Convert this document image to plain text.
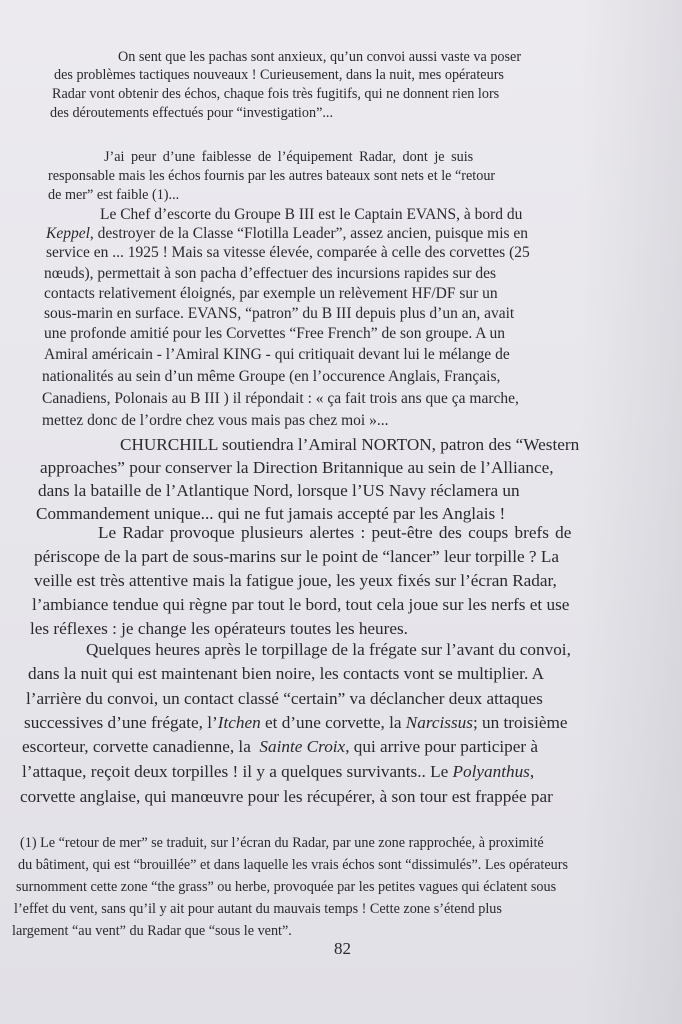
On sent que les pachas sont anxieux, qu’un convoi aussi vaste va poser
des problèmes tactiques nouveaux ! Curieusement, dans la nuit, mes opérateurs
Radar vont obtenir des échos, chaque fois très fugitifs, qui ne donnent rien lors
des déroutements effectués pour “investigation”...
J’ai peur d’une faiblesse de l’équipement Radar, dont je suis
responsable mais les échos fournis par les autres bateaux sont nets et le “retour
de mer” est faible (1)...
Le Chef d’escorte du Groupe B III est le Captain EVANS, à bord du
Keppel, destroyer de la Classe “Flotilla Leader”, assez ancien, puisque mis en
service en ... 1925 ! Mais sa vitesse élevée, comparée à celle des corvettes (25
nœuds), permettait à son pacha d’effectuer des incursions rapides sur des
contacts relativement éloignés, par exemple un relèvement HF/DF sur un
sous-marin en surface. EVANS, “patron” du B III depuis plus d’un an, avait
une profonde amitié pour les Corvettes “Free French” de son groupe. A un
Amiral américain - l’Amiral KING - qui critiquait devant lui le mélange de
nationalités au sein d’un même Groupe (en l’occurence Anglais, Français,
Canadiens, Polonais au B III ) il répondait : « ça fait trois ans que ça marche,
mettez donc de l’ordre chez vous mais pas chez moi »...
CHURCHILL soutiendra l’Amiral NORTON, patron des “Western
approaches” pour conserver la Direction Britannique au sein de l’Alliance,
dans la bataille de l’Atlantique Nord, lorsque l’US Navy réclamera un
Commandement unique... qui ne fut jamais accepté par les Anglais !
Le Radar provoque plusieurs alertes : peut-être des coups brefs de
périscope de la part de sous-marins sur le point de “lancer” leur torpille ? La
veille est très attentive mais la fatigue joue, les yeux fixés sur l’écran Radar,
l’ambiance tendue qui règne par tout le bord, tout cela joue sur les nerfs et use
les réflexes : je change les opérateurs toutes les heures.
Quelques heures après le torpillage de la frégate sur l’avant du convoi,
dans la nuit qui est maintenant bien noire, les contacts vont se multiplier. A
l’arrière du convoi, un contact classé “certain” va déclancher deux attaques
successives d’une frégate, l’Itchen et d’une corvette, la Narcissus; un troisième
escorteur, corvette canadienne, la  Sainte Croix, qui arrive pour participer à
l’attaque, reçoit deux torpilles ! il y a quelques survivants.. Le Polyanthus,
corvette anglaise, qui manœuvre pour les récupérer, à son tour est frappée par
(1) Le “retour de mer” se traduit, sur l’écran du Radar, par une zone rapprochée, à proximité
du bâtiment, qui est “brouillée” et dans laquelle les vrais échos sont “dissimulés”. Les opérateurs
surnomment cette zone “the grass” ou herbe, provoquée par les petites vagues qui éclatent sous
l’effet du vent, sans qu’il y ait pour autant du mauvais temps ! Cette zone s’étend plus
largement “au vent” du Radar que “sous le vent”.
82
